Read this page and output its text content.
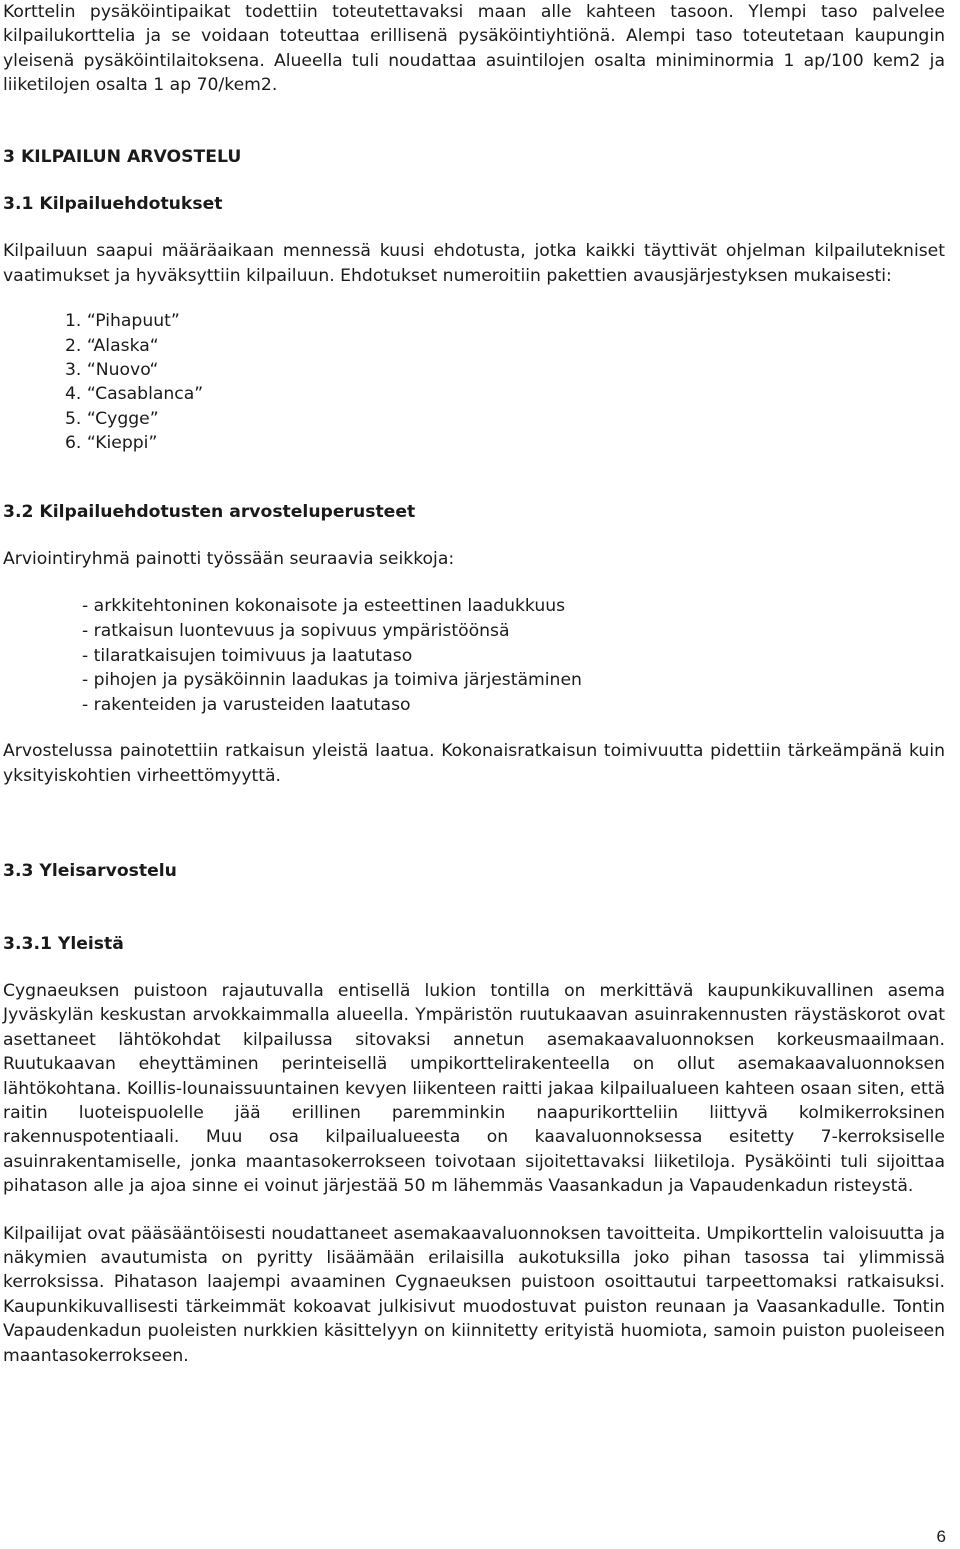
Korttelin pysäköintipaikat todettiin toteutettavaksi maan alle kahteen tasoon. Ylempi taso palvelee kilpailukorttelia ja se voidaan toteuttaa erillisenä pysäköintiyhtiönä. Alempi taso toteutetaan kaupungin yleisenä pysäköintilaitoksena. Alueella tuli noudattaa asuintilojen osalta miniminormia 1 ap/100 kem2 ja liiketilojen osalta 1 ap 70/kem2.

3 KILPAILUN ARVOSTELU
3.1 Kilpailuehdotukset

Kilpailuun saapui määräaikaan mennessä kuusi ehdotusta, jotka kaikki täyttivät ohjelman kilpailutekniset vaatimukset ja hyväksyttiin kilpailuun. Ehdotukset numeroitiin pakettien avausjärjestyksen mukaisesti:

1. “Pihapuut”
2. “Alaska“
3. “Nuovo“
4. “Casablanca”
5. “Cygge”
6. “Kieppi”
3.2 Kilpailuehdotusten arvosteluperusteet

Arviointiryhmä painotti työssään seuraavia seikkoja:

- arkkitehtoninen kokonaisote ja esteettinen laadukkuus
- ratkaisun luontevuus ja sopivuus ympäristöönsä
- tilaratkaisujen toimivuus ja laatutaso
- pihojen ja pysäköinnin laadukas ja toimiva järjestäminen
- rakenteiden ja varusteiden laatutaso

Arvostelussa painotettiin ratkaisun yleistä laatua. Kokonaisratkaisun toimivuutta pidettiin tärkeämpänä kuin yksityiskohtien virheettömyyttä.

3.3 Yleisarvostelu
3.3.1 Yleistä

Cygnaeuksen puistoon rajautuvalla entisellä lukion tontilla on merkittävä kaupunkikuvallinen asema Jyväskylän keskustan arvokkaimmalla alueella. Ympäristön ruutukaavan asuinrakennusten räystäskorot ovat asettaneet lähtökohdat kilpailussa sitovaksi annetun asemakaavaluonnoksen korkeusmaailmaan. Ruutukaavan eheyttäminen perinteisellä umpikorttelirakenteella on ollut asemakaavaluonnoksen lähtökohtana. Koillis-lounaissuuntainen kevyen liikenteen raitti jakaa kilpailualueen kahteen osaan siten, että raitin luoteispuolelle jää erillinen paremminkin naapurikortteliin liittyvä kolmikerroksinen rakennuspotentiaali. Muu osa kilpailualueesta on kaavaluonnoksessa esitetty 7-kerroksiselle asuinrakentamiselle, jonka maantasokerrokseen toivotaan sijoitettavaksi liiketiloja. Pysäköinti tuli sijoittaa pihatason alle ja ajoa sinne ei voinut järjestää 50 m lähemmäs Vaasankadun ja Vapaudenkadun risteystä.

Kilpailijat ovat pääsääntöisesti noudattaneet asemakaavaluonnoksen tavoitteita. Umpikorttelin valoisuutta ja näkymien avautumista on pyritty lisäämään erilaisilla aukotuksilla joko pihan tasossa tai ylimmissä kerroksissa. Pihatason laajempi avaaminen Cygnaeuksen puistoon osoittautui tarpeettomaksi ratkaisuksi. Kaupunkikuvallisesti tärkeimmät kokoavat julkisivut muodostuvat puiston reunaan ja Vaasankadulle. Tontin Vapaudenkadun puoleisten nurkkien käsittelyyn on kiinnitetty erityistä huomiota, samoin puiston puoleiseen maantasokerrokseen.

6
